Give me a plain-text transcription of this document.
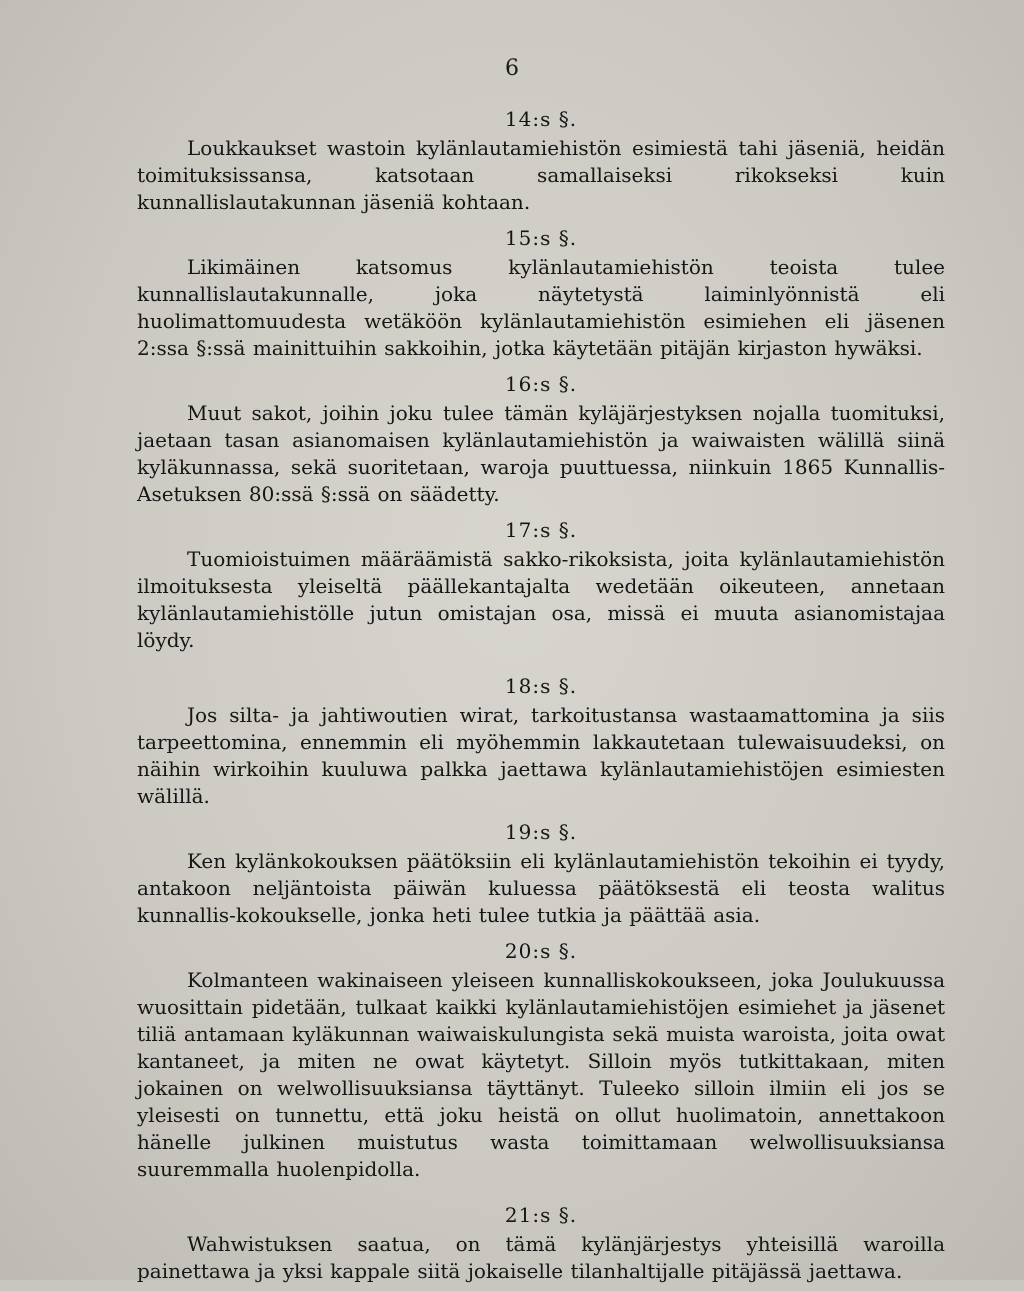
6
14:s §.

Loukkaukset wastoin kylänlautamiehistön esimiestä tahi jäseniä, heidän toimituksissansa, katsotaan samallaiseksi rikokseksi kuin kunnallislautakunnan jäseniä kohtaan.

15:s §.

Likimäinen katsomus kylänlautamiehistön teoista tulee kunnallislautakunnalle, joka näytetystä laiminlyönnistä eli huolimattomuudesta wetäköön kylänlautamiehistön esimiehen eli jäsenen 2:ssa §:ssä mainittuihin sakkoihin, jotka käytetään pitäjän kirjaston hywäksi.

16:s §.

Muut sakot, joihin joku tulee tämän kyläjärjestyksen nojalla tuomituksi, jaetaan tasan asianomaisen kylänlautamiehistön ja waiwaisten wälillä siinä kyläkunnassa, sekä suoritetaan, waroja puuttuessa, niinkuin 1865 Kunnallis-Asetuksen 80:ssä §:ssä on säädetty.

17:s §.

Tuomioistuimen määräämistä sakko-rikoksista, joita kylänlautamiehistön ilmoituksesta yleiseltä päällekantajalta wedetään oikeuteen, annetaan kylänlautamiehistölle jutun omistajan osa, missä ei muuta asianomistajaa löydy.

18:s §.

Jos silta- ja jahtiwoutien wirat, tarkoitustansa wastaamattomina ja siis tarpeettomina, ennemmin eli myöhemmin lakkautetaan tulewaisuudeksi, on näihin wirkoihin kuuluwa palkka jaettawa kylänlautamiehistöjen esimiesten wälillä.

19:s §.

Ken kylänkokouksen päätöksiin eli kylänlautamiehistön tekoihin ei tyydy, antakoon neljäntoista päiwän kuluessa päätöksestä eli teosta walitus kunnallis-kokoukselle, jonka heti tulee tutkia ja päättää asia.

20:s §.

Kolmanteen wakinaiseen yleiseen kunnalliskokoukseen, joka Joulukuussa wuosittain pidetään, tulkaat kaikki kylänlautamiehistöjen esimiehet ja jäsenet tiliä antamaan kyläkunnan waiwaiskulungista sekä muista waroista, joita owat kantaneet, ja miten ne owat käytetyt. Silloin myös tutkittakaan, miten jokainen on welwollisuuksiansa täyttänyt. Tuleeko silloin ilmiin eli jos se yleisesti on tunnettu, että joku heistä on ollut huolimatoin, annettakoon hänelle julkinen muistutus wasta toimittamaan welwollisuuksiansa suuremmalla huolenpidolla.

21:s §.

Wahwistuksen saatua, on tämä kylänjärjestys yhteisillä waroilla painettawa ja yksi kappale siitä jokaiselle tilanhaltijalle pitäjässä jaettawa.
